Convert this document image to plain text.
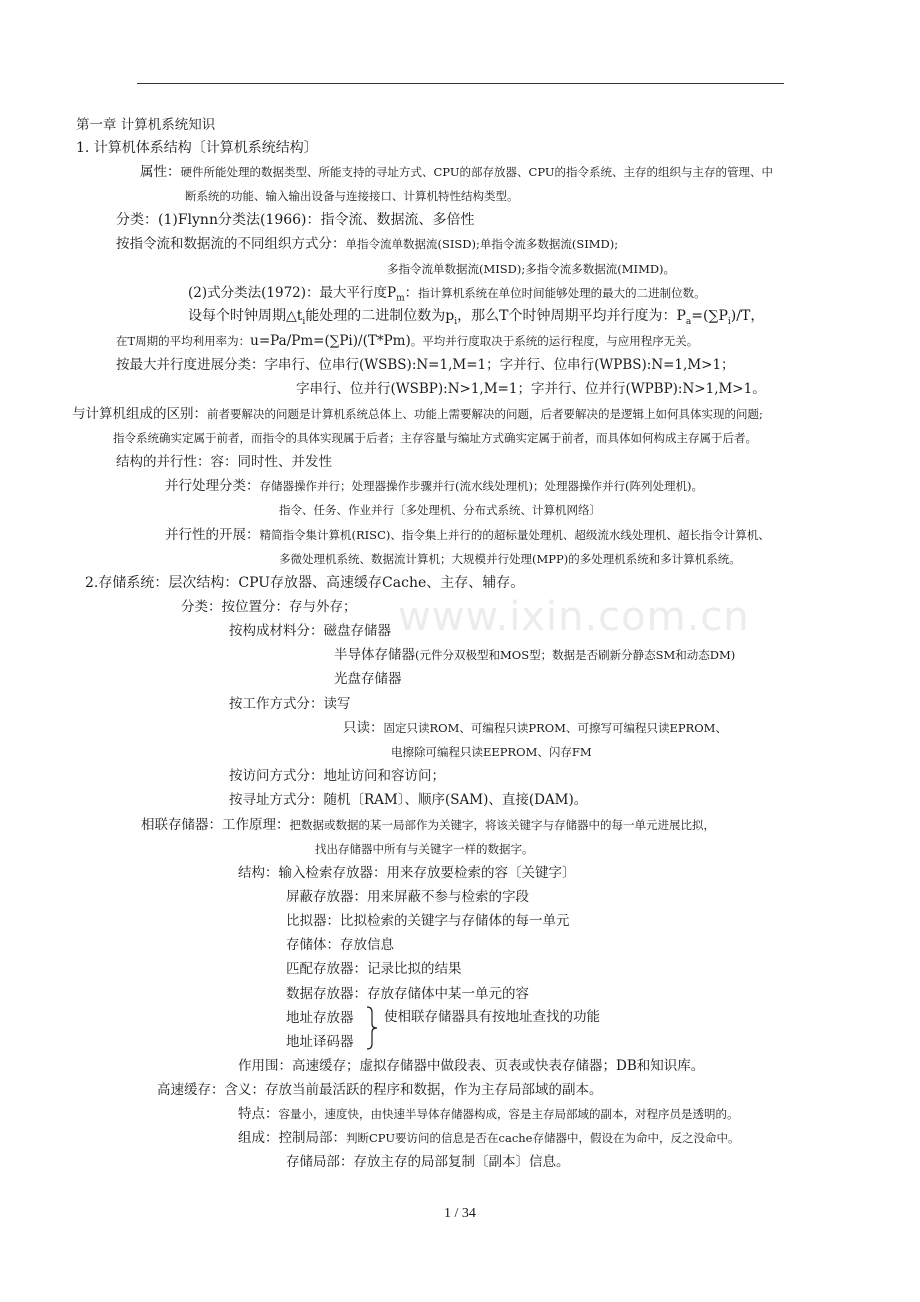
www.ixin.com.cn
第一章 计算机系统知识
1. 计算机体系结构〔计算机系统结构〕
属性：硬件所能处理的数据类型、所能支持的寻址方式、CPU的部存放器、CPU的指令系统、主存的组织与主存的管理、中
断系统的功能、输入输出设备与连接接口、计算机特性结构类型。
分类：(1)Flynn分类法(1966)：指令流、数据流、多倍性
按指令流和数据流的不同组织方式分：单指令流单数据流(SISD);单指令流多数据流(SIMD);
多指令流单数据流(MISD);多指令流多数据流(MIMD)。
(2)式分类法(1972)：最大平行度$P_m$：指计算机系统在单位时间能够处理的最大的二进制位数。
设每个时钟周期$\triangle t_i$能处理的二进制位数为$p_i$，那么T个时钟周期平均并行度为：$P_a=(\sum P_i)/T$，
在T周期的平均利用率为：u=Pa/Pm=(∑Pi)/(T*Pm)。平均并行度取决于系统的运行程度，与应用程序无关。
按最大并行度进展分类：字串行、位串行(WSBS):N=1,M=1；字并行、位串行(WPBS):N=1,M>1；
字串行、位并行(WSBP):N>1,M=1；字并行、位并行(WPBP):N>1,M>1。
与计算机组成的区别：前者要解决的问题是计算机系统总体上、功能上需要解决的问题，后者要解决的是逻辑上如何具体实现的问题;
指令系统确实定属于前者，而指令的具体实现属于后者；主存容量与编址方式确实定属于前者，而具体如何构成主存属于后者。
结构的并行性：容：同时性、并发性
并行处理分类：存储器操作并行；处理器操作步骤并行(流水线处理机)；处理器操作并行(阵列处理机)。
指令、任务、作业并行〔多处理机、分布式系统、计算机网络〕
并行性的开展：精简指令集计算机(RISC)、指令集上并行的的超标量处理机、超级流水线处理机、超长指令计算机、
多微处理机系统、数据流计算机；大规模并行处理(MPP)的多处理机系统和多计算机系统。
2.存储系统：层次结构：CPU存放器、高速缓存Cache、主存、辅存。
分类：按位置分：存与外存；
按构成材料分：磁盘存储器
半导体存储器(元件分双极型和MOS型；数据是否刷新分静态SM和动态DM)
光盘存储器
按工作方式分：读写
只读：固定只读ROM、可编程只读PROM、可擦写可编程只读EPROM、
电擦除可编程只读EEPROM、闪存FM
按访问方式分：地址访问和容访问；
按寻址方式分：随机〔RAM〕、顺序(SAM)、直接(DAM)。
相联存储器：工作原理：把数据或数据的某一局部作为关键字，将该关键字与存储器中的每一单元进展比拟，
找出存储器中所有与关键字一样的数据字。
结构：输入检索存放器：用来存放要检索的容〔关键字〕
屏蔽存放器：用来屏蔽不参与检索的字段
比拟器：比拟检索的关键字与存储体的每一单元
存储体：存放信息
匹配存放器：记录比拟的结果
数据存放器：存放存储体中某一单元的容
地址存放器
地址译码器
使相联存储器具有按地址查找的功能
作用围：高速缓存；虚拟存储器中做段表、页表或快表存储器；DB和知识库。
高速缓存：含义：存放当前最活跃的程序和数据，作为主存局部域的副本。
特点：容量小，速度快，由快速半导体存储器构成，容是主存局部域的副本，对程序员是透明的。
组成：控制局部：判断CPU要访问的信息是否在cache存储器中，假设在为命中，反之没命中。
存储局部：存放主存的局部复制〔副本〕信息。
1 / 34
